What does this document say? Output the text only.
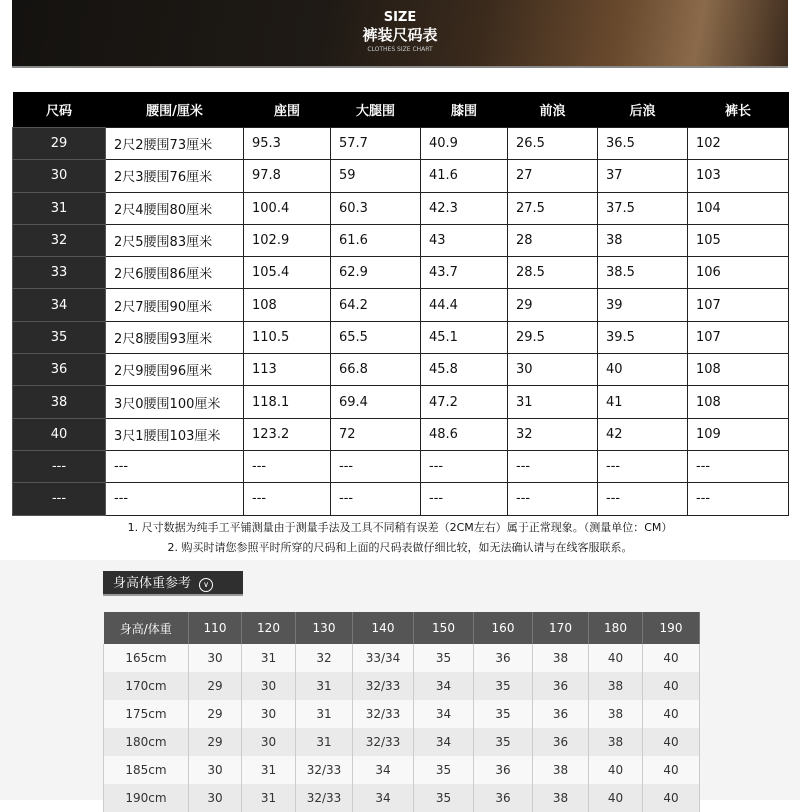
SIZE
裤装尺码表
CLOTHES SIZE CHART
尺码	腰围/厘米	座围	大腿围	膝围	前浪	后浪	裤长
29	2尺2腰围73厘米	95.3	57.7	40.9	26.5	36.5	102
30	2尺3腰围76厘米	97.8	59	41.6	27	37	103
31	2尺4腰围80厘米	100.4	60.3	42.3	27.5	37.5	104
32	2尺5腰围83厘米	102.9	61.6	43	28	38	105
33	2尺6腰围86厘米	105.4	62.9	43.7	28.5	38.5	106
34	2尺7腰围90厘米	108	64.2	44.4	29	39	107
35	2尺8腰围93厘米	110.5	65.5	45.1	29.5	39.5	107
36	2尺9腰围96厘米	113	66.8	45.8	30	40	108
38	3尺0腰围100厘米	118.1	69.4	47.2	31	41	108
40	3尺1腰围103厘米	123.2	72	48.6	32	42	109
---	---	---	---	---	---	---	---
---	---	---	---	---	---	---	---
1. 尺寸数据为纯手工平铺测量由于测量手法及工具不同稍有误差（2CM左右）属于正常现象。（测量单位：CM）
2. 购买时请您参照平时所穿的尺码和上面的尺码表做仔细比较，如无法确认请与在线客服联系。
身高体重参考 ∨
身高/体重	110	120	130	140	150	160	170	180	190
165cm	30	31	32	33/34	35	36	38	40	40
170cm	29	30	31	32/33	34	35	36	38	40
175cm	29	30	31	32/33	34	35	36	38	40
180cm	29	30	31	32/33	34	35	36	38	40
185cm	30	31	32/33	34	35	36	38	40	40
190cm	30	31	32/33	34	35	36	38	40	40
